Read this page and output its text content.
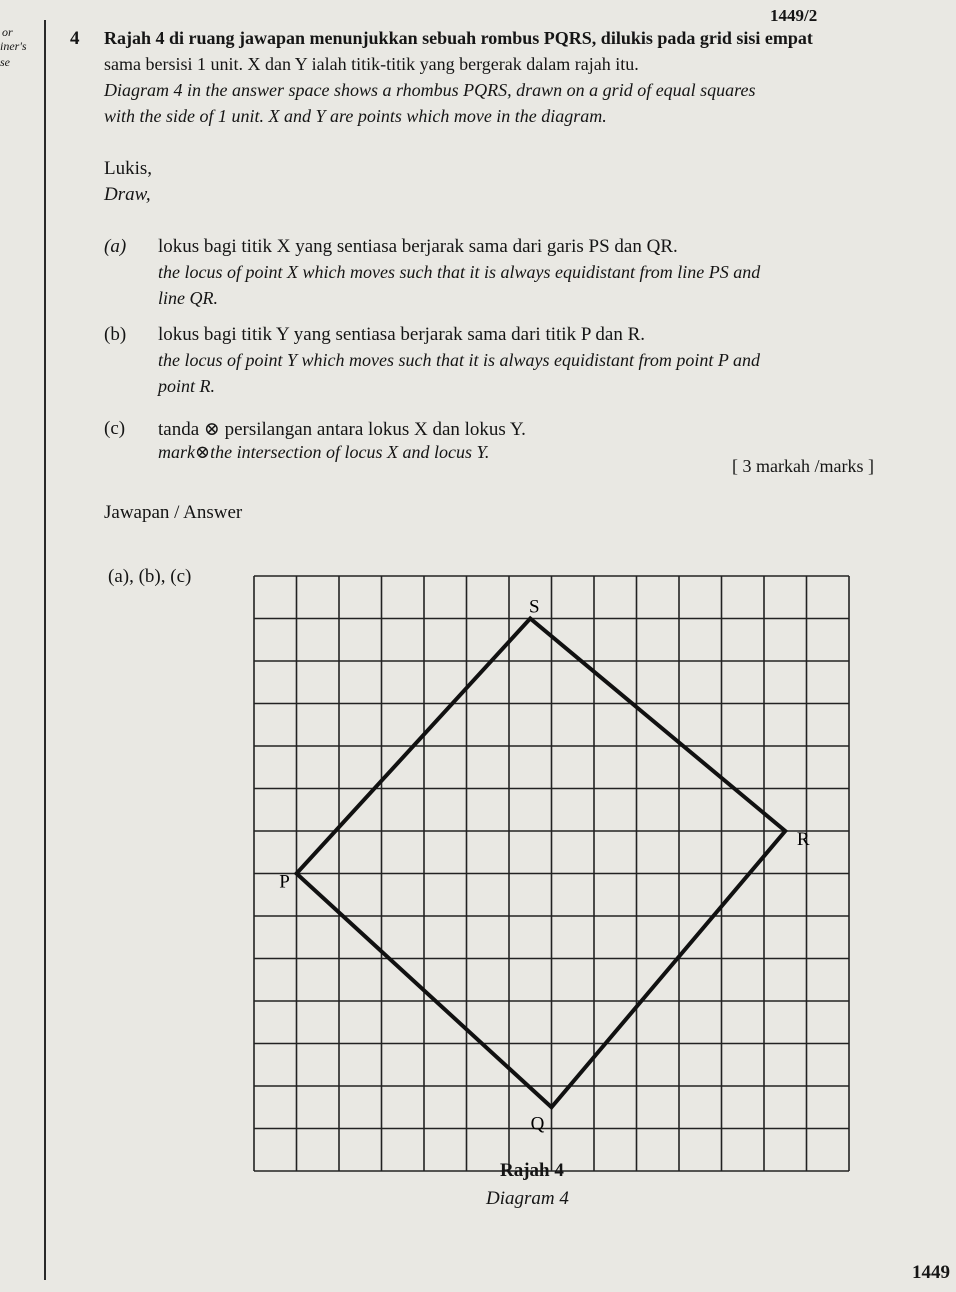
or
iner's
se
1449/2
4 Rajah 4 di ruang jawapan menunjukkan sebuah rombus PQRS, dilukis pada grid sisi empat
sama bersisi 1 unit. X dan Y ialah titik-titik yang bergerak dalam rajah itu.
Diagram 4 in the answer space shows a rhombus PQRS, drawn on a grid of equal squares
with the side of 1 unit. X and Y are points which move in the diagram.
Lukis,
Draw,
(a) lokus bagi titik X yang sentiasa berjarak sama dari garis PS dan QR.
the locus of point X which moves such that it is always equidistant from line PS and
line QR.
(b) lokus bagi titik Y yang sentiasa berjarak sama dari titik P dan R.
the locus of point Y which moves such that it is always equidistant from point P and
point R.
(c) tanda ⊗ persilangan antara lokus X dan lokus Y.
mark⊗the intersection of locus X and locus Y.
[ 3 markah /marks ]
Jawapan / Answer
(a), (b), (c)
S
R
Q
P
Rajah 4
Diagram 4
1449
